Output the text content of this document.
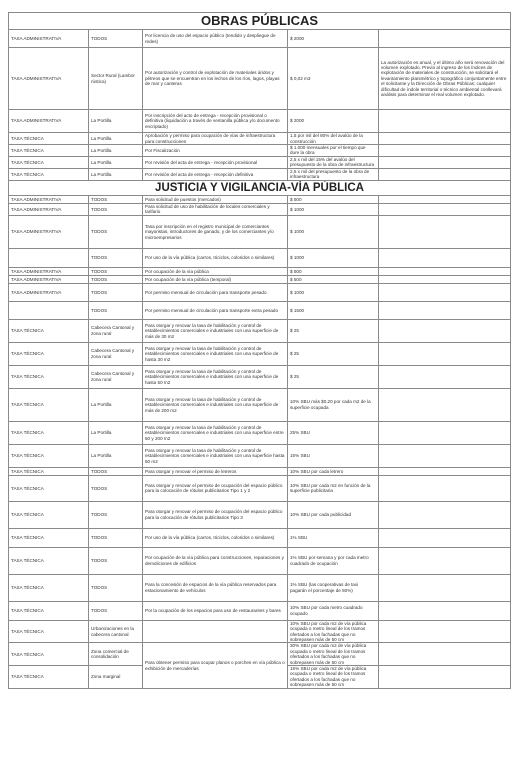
OBRAS PÚBLICAS				
TASA ADMINISTRATIVA	TODOS	Por licencia de uso del espacio público (tendido y despliegue de redes)	$ 2000	
TASA ADMINISTRATIVA	Sector Rural (Lambor rústica)	Por autorización y control de explotación de materiales áridos y pétreos que se encuentran en los lechos de los ríos, lagos, playas de mar y canteras	$ 0,02 m3	La autorización es anual, y el último año será renovación del volumen explotado. Previo al ingreso de los índices de explotación de materiales de construcción, se solicitará el levantamiento planimétrico y topográfico conjuntamente entre el solicitante y la Dirección de Obras Públicas; cualquier dificultad de índole territorial o técnico ambiental conllevará análisis para determinar el real volumen explotado.
TASA ADMINISTRATIVA	La Portilla	Por inscripción del acto de entrega - recepción provisional o definitiva (liquidación a través de ventanilla pública y/o documento encriptado)	$ 2000	
TASA TÉCNICA	La Portilla	Aprobación y permiso para ocupación de vías de infraestructura para construcciones	1.5 por mil del 80% del avalúo de la construcción	
TASA TÉCNICA	La Portilla	Por Fiscalización	$ 1.000 mensuales por el tiempo que dure la obra	
TASA TÉCNICA	La Portilla	Por revisión del acta de entrega - recepción provisional	2,5 x mil del 15% del avalúo del presupuesto de la obra de infraestructura	
TASA TÉCNICA	La Portilla	Por revisión del acta de entrega - recepción definitiva	2,5 x mil del presupuesto de la obra de infraestructura	
JUSTICIA Y VIGILANCIA-VÍA PÚBLICA				
TASA ADMINISTRATIVA	TODOS	Para solicitud de puestos (mercados)	$ 500	
TASA ADMINISTRATIVA	TODOS	Para solicitud de uso de habilitación de locales comerciales y tarifario	$ 1000	
TASA ADMINISTRATIVA	TODOS	Tasa por inscripción en el registro municipal de comerciantes mayoristas, introductores de ganado, y de los comerciantes y/o microempresarios	$ 1000	
	TODOS	Por uso de la vía pública (carros, triciclos, coloridos o similares)	$ 1000	
TASA ADMINISTRATIVA	TODOS	Por ocupación de la vía pública	$ 500	
TASA ADMINISTRATIVA	TODOS	Por ocupación de la vía pública (temporal)	$ 500	
TASA ADMINISTRATIVA	TODOS	Por permiso mensual de circulación para transporte pesado	$ 1000	
	TODOS	Por permiso mensual de circulación para transporte extra pesado	$ 1500	
TASA TÉCNICA	Cabecera Cantonal y zona rural	Para otorgar y renovar la tasa de habilitación y control de establecimientos comerciales e industriales con una superficie de más de 30 m2	$ 25	
TASA TÉCNICA	Cabecera Cantonal y zona rural	Para otorgar y renovar la tasa de habilitación y control de establecimientos comerciales e industriales con una superficie de hasta 30 m2	$ 25	
TASA TÉCNICA	Cabecera Cantonal y zona rural	Para otorgar y renovar la tasa de habilitación y control de establecimientos comerciales e industriales con una superficie de hasta 50 m2	$ 25	
TASA TÉCNICA	La Portilla	Para otorgar y renovar la tasa de habilitación y control de establecimientos comerciales e industriales con una superficie de más de 200 m2	10% SBU más $0,20 por cada m2 de la superficie ocupada	
TASA TÉCNICA	La Portilla	Para otorgar y renovar la tasa de habilitación y control de establecimientos comerciales e industriales con una superficie entre 50 y 200 m2	25% SBU	
TASA TÉCNICA	La Portilla	Para otorgar y renovar la tasa de habilitación y control de establecimientos comerciales e industriales con una superficie hasta 50 m2	15% SBU	
TASA TÉCNICA	TODOS	Para otorgar y renovar el permiso de letreros	10% SBU por cada letrero	
TASA TÉCNICA	TODOS	Para otorgar y renovar el permiso de ocupación del espacio público para la colocación de rótulos publicitarios Tipo 1 y 2	10% SBU por cada m2 en función de la superficie publicitaria	
TASA TÉCNICA	TODOS	Para otorgar y renovar el permiso de ocupación del espacio público para la colocación de rótulos publicitarios Tipo 3	10% SBU por cada publicidad	
TASA TÉCNICA	TODOS	Por uso de la vía pública (carros, triciclos, coloridos o similares)	1% SBU	
TASA TÉCNICA	TODOS	Por ocupación de la vía pública para construcciones, reparaciones y demoliciones de edificios	1% SBU por semana y por cada metro cuadrado de ocupación	
TASA TÉCNICA	TODOS	Para la concesión de espacios de la vía pública reservados para estacionamiento de vehículos	1% SBU (las cooperativas de taxi pagarán el porcentaje de 50%)	
TASA TÉCNICA	TODOS	Por la ocupación de los espacios para uso de restaurantes y bares	10% SBU por cada metro cuadrado ocupado	
TASA TÉCNICA	Urbanizaciones en la cabecera cantonal		10% SBU por cada m2 de vía pública ocupada o metro lineal de los tramos ofertados a los fachadas que no sobrepasen más de 50 cm	
TASA TÉCNICA	Zona comercial de consolidación	Para obtener permiso para ocupar planos o porches en vía pública o exhibición de mercaderías	30% SBU por cada m2 de vía pública ocupada o metro lineal de los tramos ofertados a los fachadas que no sobrepasen más de 50 cm	
TASA TÉCNICA	Zona marginal		15% SBU por cada m2 de vía pública ocupada o metro lineal de los tramos ofertados a los fachadas que no sobrepasen más de 50 cm	
